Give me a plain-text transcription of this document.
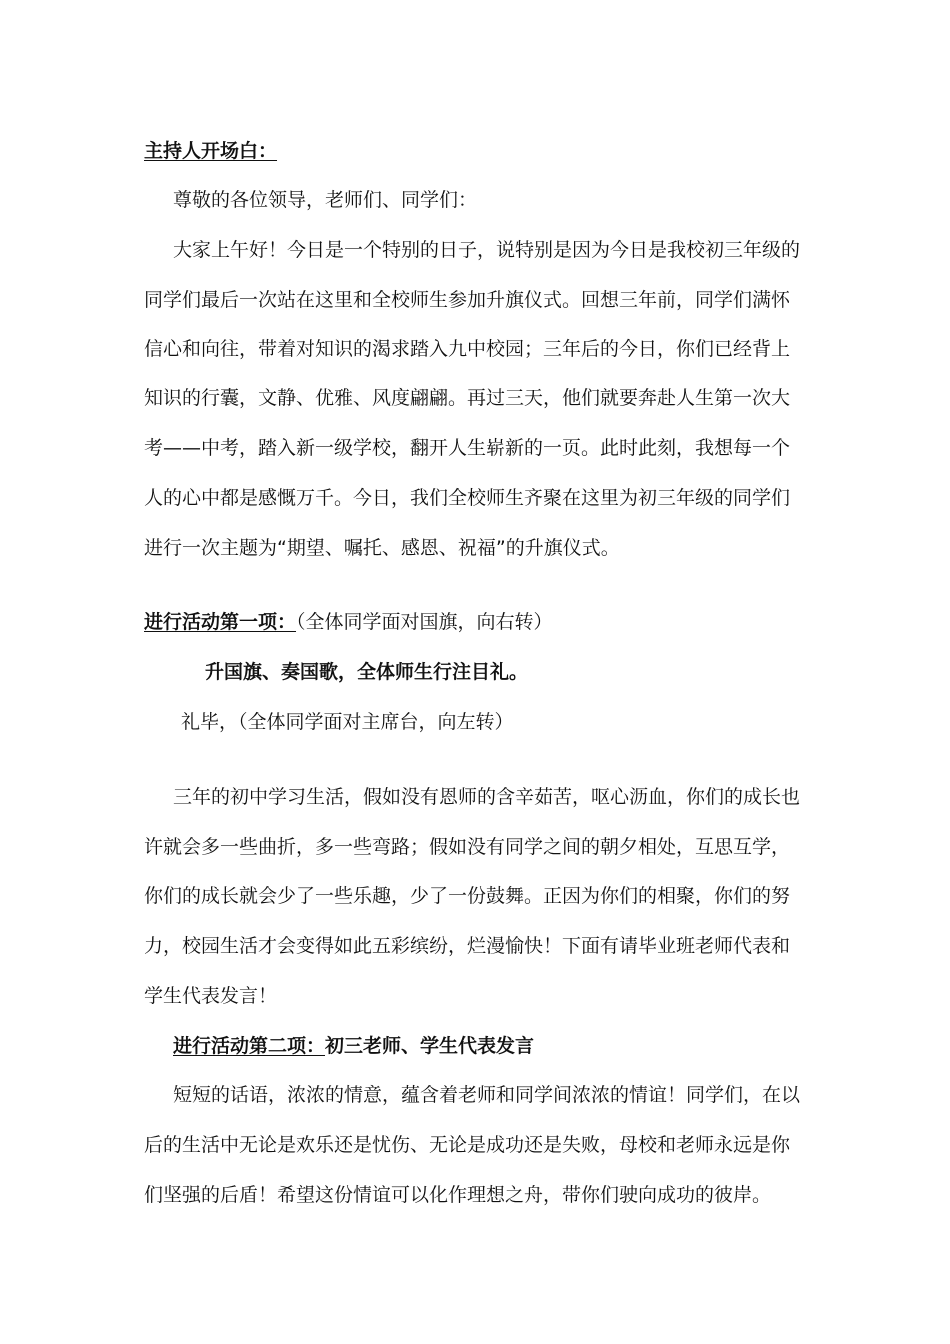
主持人开场白：
尊敬的各位领导，老师们、同学们：
大家上午好！今日是一个特别的日子，说特别是因为今日是我校初三年级的
同学们最后一次站在这里和全校师生参加升旗仪式。回想三年前，同学们满怀
信心和向往，带着对知识的渴求踏入九中校园；三年后的今日，你们已经背上
知识的行囊，文静、优雅、风度翩翩。再过三天，他们就要奔赴人生第一次大
考——中考，踏入新一级学校，翻开人生崭新的一页。此时此刻，我想每一个
人的心中都是感慨万千。今日，我们全校师生齐聚在这里为初三年级的同学们
进行一次主题为“期望、嘱托、感恩、祝福”的升旗仪式。
进行活动第一项：（全体同学面对国旗，向右转）
升国旗、奏国歌，全体师生行注目礼。
礼毕，（全体同学面对主席台，向左转）
三年的初中学习生活，假如没有恩师的含辛茹苦，呕心沥血，你们的成长也
许就会多一些曲折，多一些弯路；假如没有同学之间的朝夕相处，互思互学，
你们的成长就会少了一些乐趣，少了一份鼓舞。正因为你们的相聚，你们的努
力，校园生活才会变得如此五彩缤纷，烂漫愉快！下面有请毕业班老师代表和
学生代表发言！
进行活动第二项：初三老师、学生代表发言
短短的话语，浓浓的情意，蕴含着老师和同学间浓浓的情谊！同学们，在以
后的生活中无论是欢乐还是忧伤、无论是成功还是失败，母校和老师永远是你
们坚强的后盾！希望这份情谊可以化作理想之舟，带你们驶向成功的彼岸。
